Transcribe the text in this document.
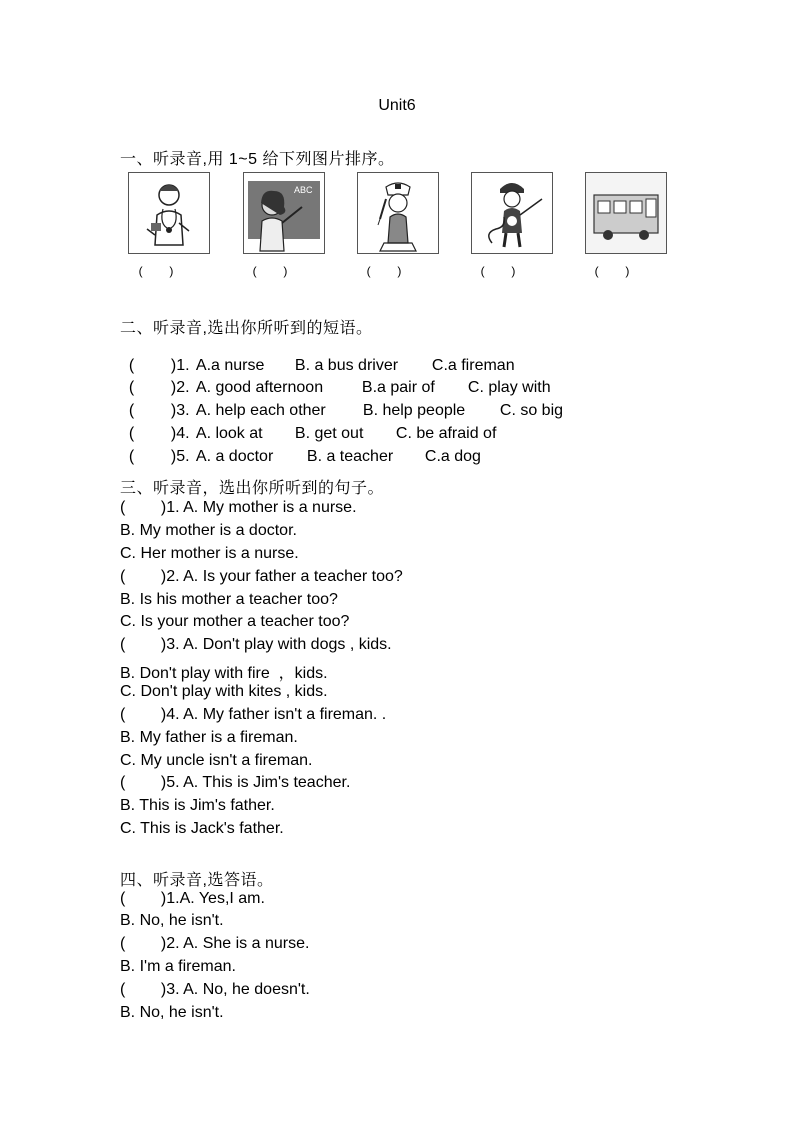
Unit6
一、听录音,用 1~5 给下列图片排序。
ABC
(        )	(        )	(        )	(        )	(        )
二、听录音,选出你所听到的短语。

( )1. A.a nurse B. a bus driver C.a fireman

( )2. A. good afternoon B.a pair of C. play with

( )3. A. help each other B. help people C. so big

( )4. A. look at B. get out C. be afraid of

( )5. A. a doctor B. a teacher C.a dog

三、听录音，选出你所听到的句子。
(        )1. A. My mother is a nurse.
B. My mother is a doctor.
C. Her mother is a nurse.
(        )2. A. Is your father a teacher too?
B. Is his mother a teacher too?
C. Is your mother a teacher too?
(        )3. A. Don't play with dogs , kids.
B. Don't play with fire  ，kids.
C. Don't play with kites , kids.
(        )4. A. My father isn't a fireman. .
B. My father is a fireman.
C. My uncle isn't a fireman.
(        )5. A. This is Jim's teacher.
B. This is Jim's father.
C. This is Jack's father.
四、听录音,选答语。
(        )1.A. Yes,I am.
B. No, he isn't.
(        )2. A. She is a nurse.
B. I'm a fireman.
(        )3. A. No, he doesn't.
B. No, he isn't.
